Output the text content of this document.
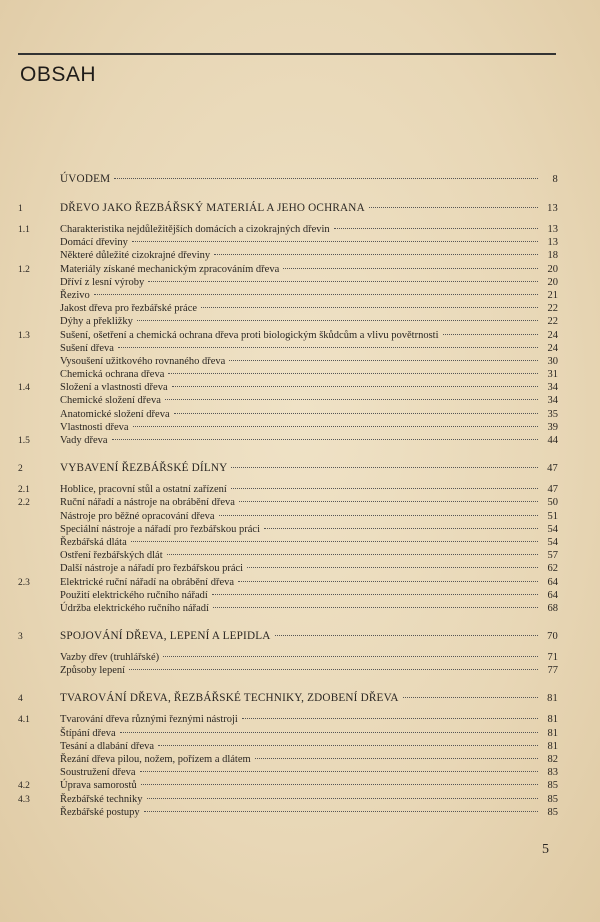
OBSAH
ÚVODEM	8
1	DŘEVO JAKO ŘEZBÁŘSKÝ MATERIÁL A JEHO OCHRANA	13
1.1	Charakteristika nejdůležitějších domácích a cizokrajných dřevin	13
Domácí dřeviny	13
Některé důležité cizokrajné dřeviny	18
1.2	Materiály získané mechanickým zpracováním dřeva	20
Dříví z lesní výroby	20
Řezivo	21
Jakost dřeva pro řezbářské práce	22
Dýhy a překližky	22
1.3	Sušení, ošetření a chemická ochrana dřeva proti biologickým škůdcům a vlivu povětrnosti	24
Sušení dřeva	24
Vysoušení užitkového rovnaného dřeva	30
Chemická ochrana dřeva	31
1.4	Složení a vlastnosti dřeva	34
Chemické složení dřeva	34
Anatomické složení dřeva	35
Vlastnosti dřeva	39
1.5	Vady dřeva	44
2	VYBAVENÍ ŘEZBÁŘSKÉ DÍLNY	47
2.1	Hoblice, pracovní stůl a ostatní zařízení	47
2.2	Ruční nářadí a nástroje na obrábění dřeva	50
Nástroje pro běžné opracování dřeva	51
Speciální nástroje a nářadí pro řezbářskou práci	54
Řezbářská dláta	54
Ostření řezbářských dlát	57
Další nástroje a nářadí pro řezbářskou práci	62
2.3	Elektrické ruční nářadí na obrábění dřeva	64
Použití elektrického ručního nářadí	64
Údržba elektrického ručního nářadí	68
3	SPOJOVÁNÍ DŘEVA, LEPENÍ A LEPIDLA	70
Vazby dřev (truhlářské)	71
Způsoby lepení	77
4	TVAROVÁNÍ DŘEVA, ŘEZBÁŘSKÉ TECHNIKY, ZDOBENÍ DŘEVA	81
4.1	Tvarování dřeva různými řeznými nástroji	81
Štípání dřeva	81
Tesání a dlabání dřeva	81
Řezání dřeva pilou, nožem, pořízem a dlátem	82
Soustružení dřeva	83
4.2	Úprava samorostů	85
4.3	Řezbářské techniky	85
Řezbářské postupy	85
5
